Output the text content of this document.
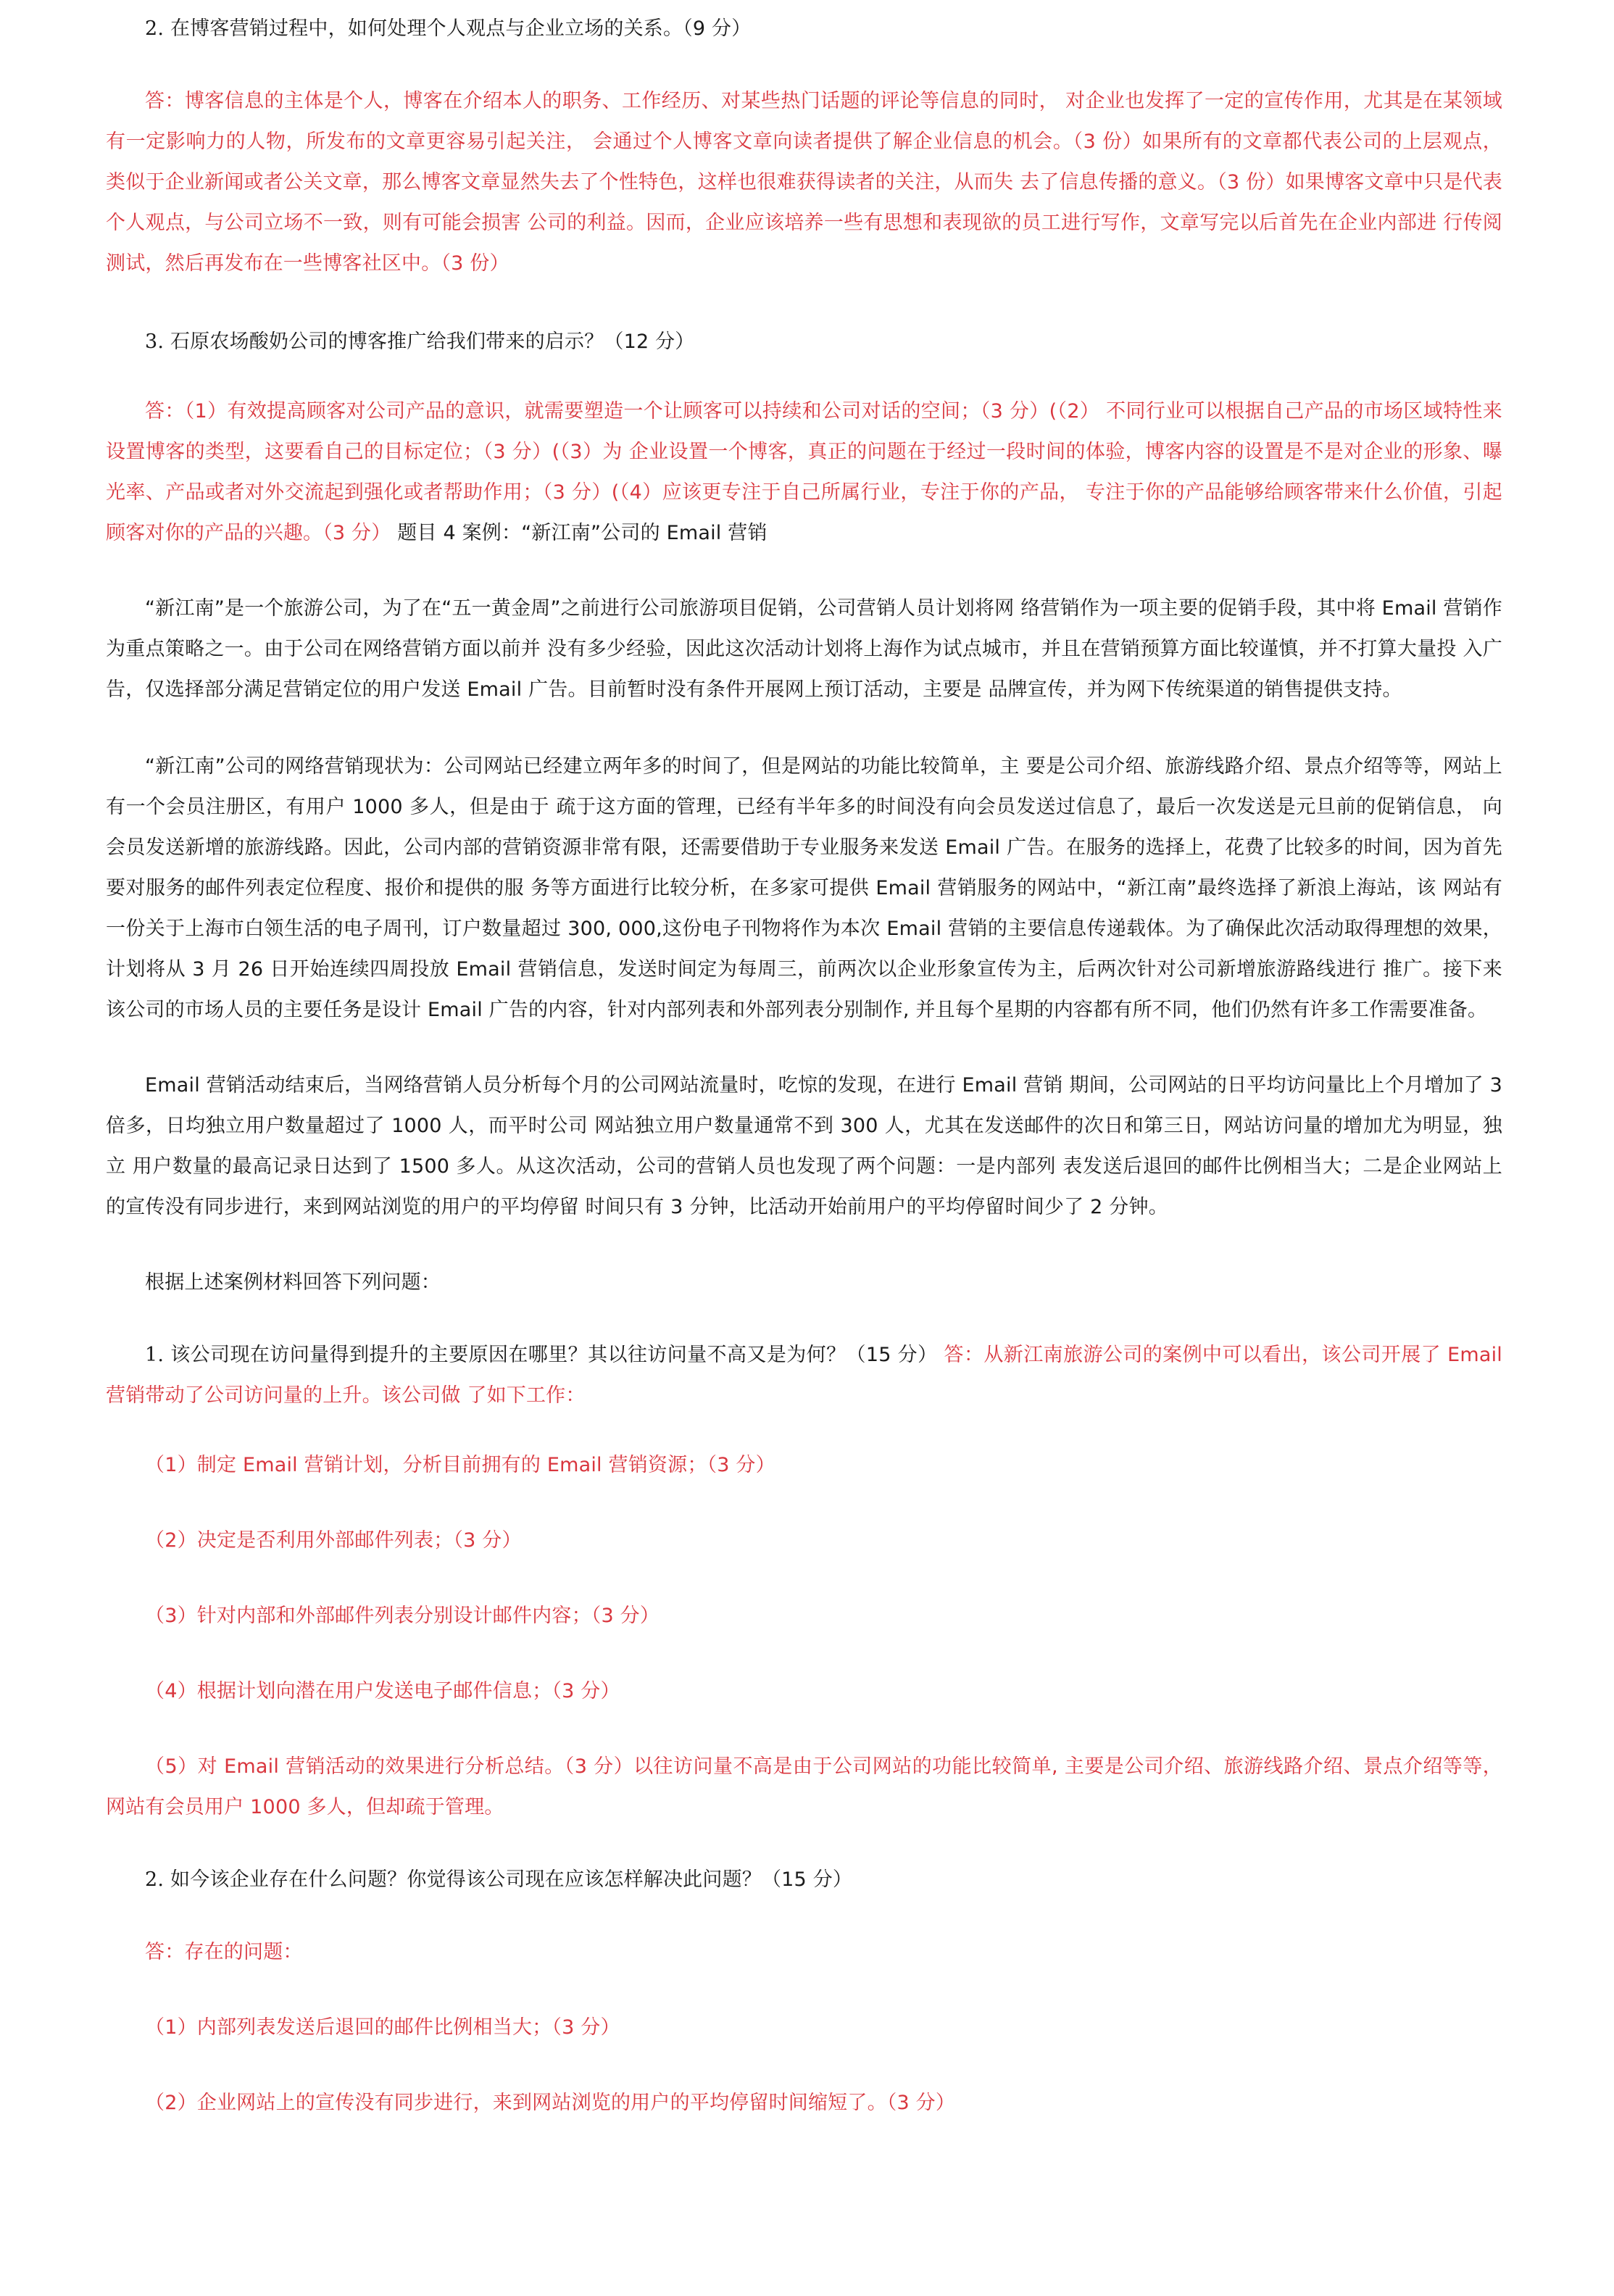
2. 在博客营销过程中，如何处理个人观点与企业立场的关系。（9 分）

答：博客信息的主体是个人，博客在介绍本人的职务、工作经历、对某些热门话题的评论等信息的同时， 对企业也发挥了一定的宣传作用，尤其是在某领域有一定影响力的人物，所发布的文章更容易引起关注， 会通过个人博客文章向读者提供了解企业信息的机会。（3 份）如果所有的文章都代表公司的上层观点， 类似于企业新闻或者公关文章，那么博客文章显然失去了个性特色，这样也很难获得读者的关注，从而失 去了信息传播的意义。（3 份）如果博客文章中只是代表个人观点，与公司立场不一致，则有可能会损害 公司的利益。因而，企业应该培养一些有思想和表现欲的员工进行写作，文章写完以后首先在企业内部进 行传阅测试，然后再发布在一些博客社区中。（3 份）

3. 石原农场酸奶公司的博客推广给我们带来的启示？（12 分）

答：（1）有效提高顾客对公司产品的意识，就需要塑造一个让顾客可以持续和公司对话的空间；（3 分）(（2） 不同行业可以根据自己产品的市场区域特性来设置博客的类型，这要看自己的目标定位；（3 分）(（3）为 企业设置一个博客，真正的问题在于经过一段时间的体验，博客内容的设置是不是对企业的形象、曝光率、产品或者对外交流起到强化或者帮助作用；（3 分）(（4）应该更专注于自己所属行业，专注于你的产品， 专注于你的产品能够给顾客带来什么价值，引起顾客对你的产品的兴趣。（3 分） 题目 4 案例：“新江南”公司的 Email 营销

“新江南”是一个旅游公司，为了在“五一黄金周”之前进行公司旅游项目促销，公司营销人员计划将网 络营销作为一项主要的促销手段，其中将 Email 营销作为重点策略之一。由于公司在网络营销方面以前并 没有多少经验，因此这次活动计划将上海作为试点城市，并且在营销预算方面比较谨慎，并不打算大量投 入广告，仅选择部分满足营销定位的用户发送 Email 广告。目前暂时没有条件开展网上预订活动，主要是 品牌宣传，并为网下传统渠道的销售提供支持。

“新江南”公司的网络营销现状为：公司网站已经建立两年多的时间了，但是网站的功能比较简单，主 要是公司介绍、旅游线路介绍、景点介绍等等，网站上有一个会员注册区，有用户 1000 多人，但是由于 疏于这方面的管理，已经有半年多的时间没有向会员发送过信息了，最后一次发送是元旦前的促销信息， 向会员发送新增的旅游线路。因此，公司内部的营销资源非常有限，还需要借助于专业服务来发送 Email 广告。在服务的选择上，花费了比较多的时间，因为首先要对服务的邮件列表定位程度、报价和提供的服 务等方面进行比较分析，在多家可提供 Email 营销服务的网站中，“新江南”最终选择了新浪上海站，该 网站有一份关于上海市白领生活的电子周刊，订户数量超过 300, 000,这份电子刊物将作为本次 Email 营销的主要信息传递载体。为了确保此次活动取得理想的效果，计划将从 3 月 26 日开始连续四周投放 Email 营销信息，发送时间定为每周三，前两次以企业形象宣传为主，后两次针对公司新增旅游路线进行 推广。接下来该公司的市场人员的主要任务是设计 Email 广告的内容，针对内部列表和外部列表分别制作, 并且每个星期的内容都有所不同，他们仍然有许多工作需要准备。

Email 营销活动结束后，当网络营销人员分析每个月的公司网站流量时，吃惊的发现，在进行 Email 营销 期间，公司网站的日平均访问量比上个月增加了 3 倍多，日均独立用户数量超过了 1000 人，而平时公司 网站独立用户数量通常不到 300 人，尤其在发送邮件的次日和第三日，网站访问量的增加尤为明显，独立 用户数量的最高记录日达到了 1500 多人。从这次活动，公司的营销人员也发现了两个问题：一是内部列 表发送后退回的邮件比例相当大；二是企业网站上的宣传没有同步进行，来到网站浏览的用户的平均停留 时间只有 3 分钟，比活动开始前用户的平均停留时间少了 2 分钟。

根据上述案例材料回答下列问题：

1. 该公司现在访问量得到提升的主要原因在哪里？其以往访问量不高又是为何？（15 分） 答：从新江南旅游公司的案例中可以看出，该公司开展了 Email 营销带动了公司访问量的上升。该公司做 了如下工作：

（1）制定 Email 营销计划，分析目前拥有的 Email 营销资源；（3 分）

（2）决定是否利用外部邮件列表；（3 分）

（3）针对内部和外部邮件列表分别设计邮件内容；（3 分）

（4）根据计划向潜在用户发送电子邮件信息；（3 分）

（5）对 Email 营销活动的效果进行分析总结。（3 分）以往访问量不高是由于公司网站的功能比较简单, 主要是公司介绍、旅游线路介绍、景点介绍等等，网站有会员用户 1000 多人，但却疏于管理。

2. 如今该企业存在什么问题？你觉得该公司现在应该怎样解决此问题？（15 分）

答：存在的问题：

（1）内部列表发送后退回的邮件比例相当大；（3 分）

（2）企业网站上的宣传没有同步进行，来到网站浏览的用户的平均停留时间缩短了。（3 分）
